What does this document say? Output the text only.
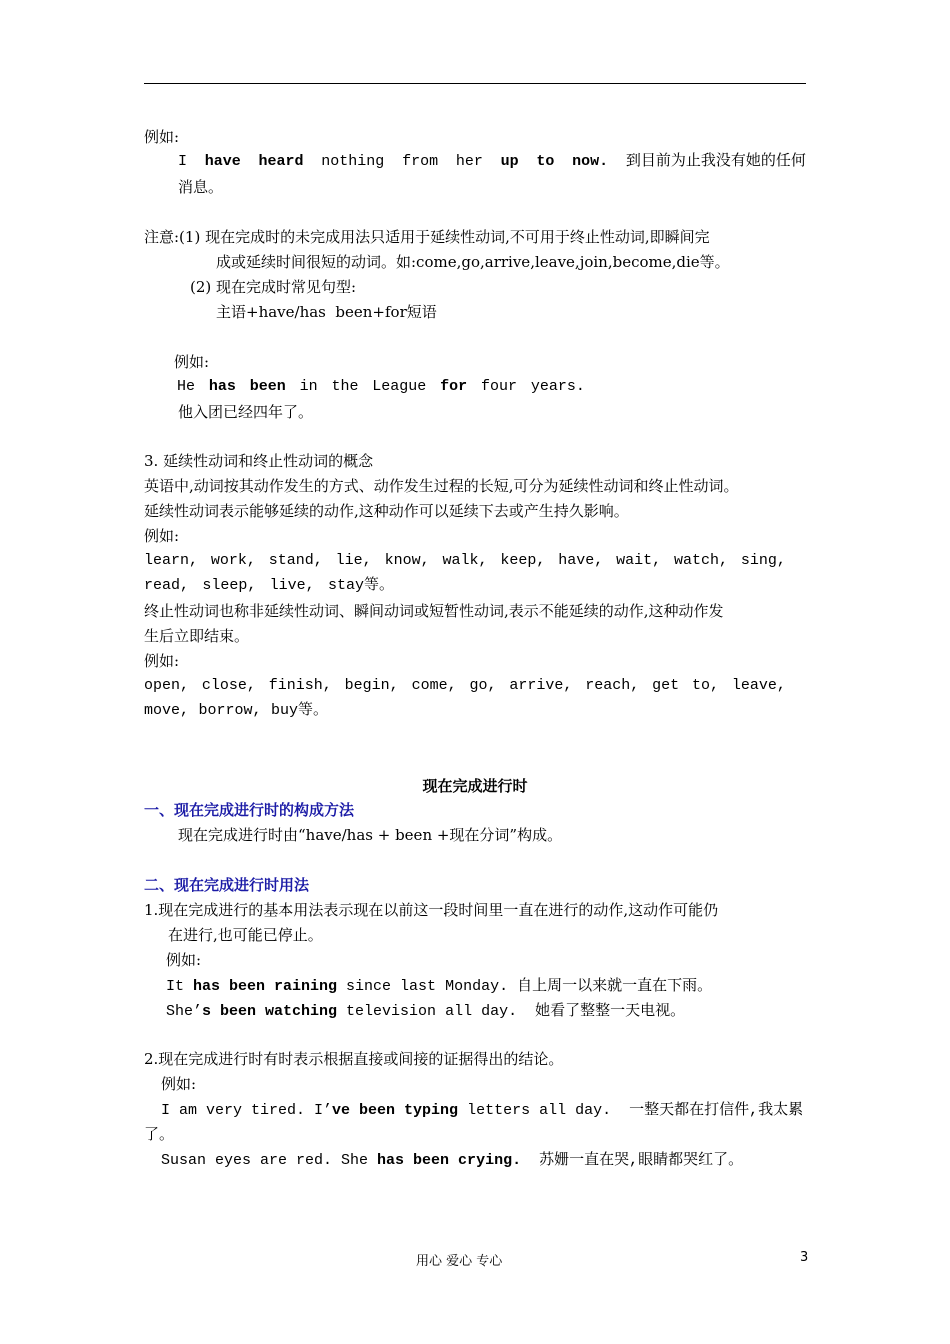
例如:
I have heard nothing from her up to now. 到目前为止我没有她的任何
消息。
注意:(1) 现在完成时的未完成用法只适用于延续性动词,不可用于终止性动词,即瞬间完
成或延续时间很短的动词。如:come,go,arrive,leave,join,become,die等。
(2) 现在完成时常见句型:
主语+have/has  been+for短语
例如:
He has been in the League for four years.
他入团已经四年了。
3. 延续性动词和终止性动词的概念
英语中,动词按其动作发生的方式、动作发生过程的长短,可分为延续性动词和终止性动词。
延续性动词表示能够延续的动作,这种动作可以延续下去或产生持久影响。
例如:
learn, work, stand, lie, know, walk, keep, have, wait, watch, sing,
read, sleep, live, stay等。
终止性动词也称非延续性动词、瞬间动词或短暂性动词,表示不能延续的动作,这种动作发
生后立即结束。
例如:
open, close, finish, begin, come, go, arrive, reach, get to, leave,
move, borrow, buy等。
现在完成进行时
一、现在完成进行时的构成方法
现在完成进行时由“have/has + been +现在分词”构成。
二、现在完成进行时用法
1.现在完成进行的基本用法表示现在以前这一段时间里一直在进行的动作,这动作可能仍
在进行,也可能已停止。
例如:
It has been raining since last Monday. 自上周一以来就一直在下雨。
She’s been watching television all day.  她看了整整一天电视。
2.现在完成进行时有时表示根据直接或间接的证据得出的结论。
例如:
I am very tired. I’ve been typing letters all day.  一整天都在打信件,我太累
了。
Susan eyes are red. She has been crying.  苏姗一直在哭,眼睛都哭红了。
用心 爱心 专心	3
